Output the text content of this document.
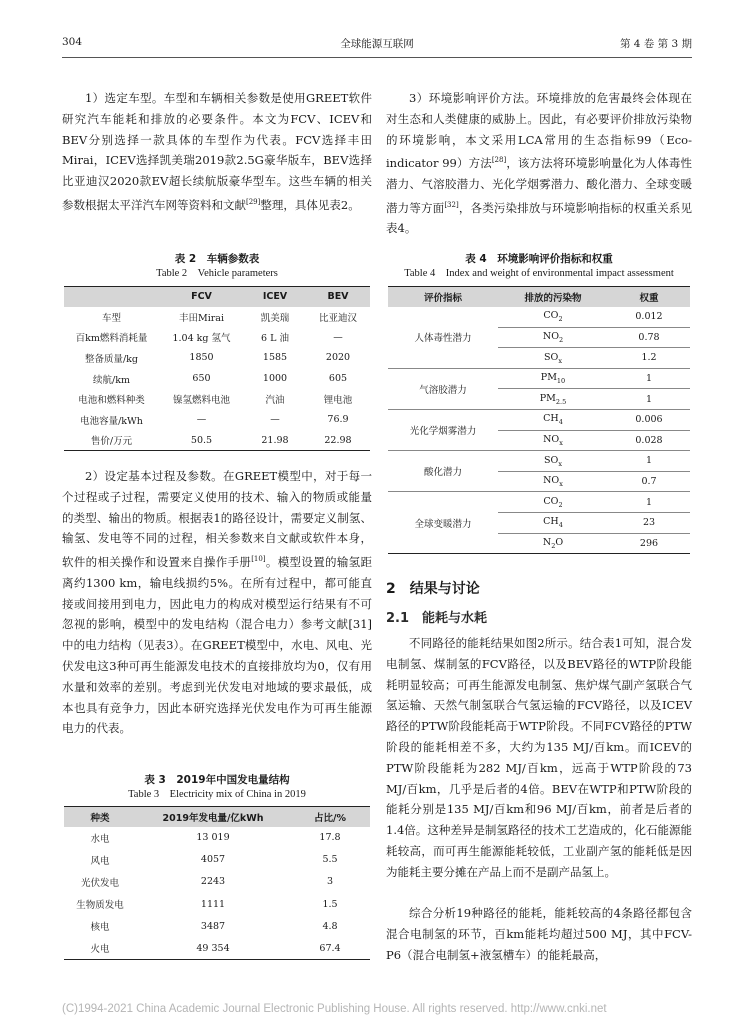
304	全球能源互联网	第 4 卷 第 3 期
1）选定车型。车型和车辆相关参数是使用GREET软件研究汽车能耗和排放的必要条件。本文为FCV、ICEV和BEV分别选择一款具体的车型作为代表。FCV选择丰田Mirai，ICEV选择凯美瑞2019款2.5G豪华版车，BEV选择比亚迪汉2020款EV超长续航版豪华型车。这些车辆的相关参数根据太平洋汽车网等资料和文献[29]整理，具体见表2。
表 2　车辆参数表
Table 2　Vehicle parameters
	FCV	ICEV	BEV
车型	丰田Mirai	凯美瑞	比亚迪汉
百km燃料消耗量	1.04 kg 氢气	6 L 油	—
整备质量/kg	1850	1585	2020
续航/km	650	1000	605
电池和燃料种类	镍氢燃料电池	汽油	锂电池
电池容量/kWh	—	—	76.9
售价/万元	50.5	21.98	22.98
2）设定基本过程及参数。在GREET模型中，对于每一个过程或子过程，需要定义使用的技术、输入的物质或能量的类型、输出的物质。根据表1的路径设计，需要定义制氢、输氢、发电等不同的过程，相关参数来自文献或软件本身，软件的相关操作和设置来自操作手册[10]。模型设置的输氢距离约1300 km，输电线损约5%。在所有过程中，都可能直接或间接用到电力，因此电力的构成对模型运行结果有不可忽视的影响，模型中的发电结构（混合电力）参考文献[31]中的电力结构（见表3）。在GREET模型中，水电、风电、光伏发电这3种可再生能源发电技术的直接排放均为0，仅有用水量和效率的差别。考虑到光伏发电对地域的要求最低，成本也具有竞争力，因此本研究选择光伏发电作为可再生能源电力的代表。
表 3　2019年中国发电量结构
Table 3　Electricity mix of China in 2019
种类	2019年发电量/亿kWh	占比/%
水电	13 019	17.8
风电	4057	5.5
光伏发电	2243	3
生物质发电	1111	1.5
核电	3487	4.8
火电	49 354	67.4
3）环境影响评价方法。环境排放的危害最终会体现在对生态和人类健康的威胁上。因此，有必要评价排放污染物的环境影响，本文采用LCA常用的生态指标99（Eco-indicator 99）方法[28]，该方法将环境影响量化为人体毒性潜力、气溶胶潜力、光化学烟雾潜力、酸化潜力、全球变暖潜力等方面[32]，各类污染排放与环境影响指标的权重关系见表4。
表 4　环境影响评价指标和权重
Table 4　Index and weight of environmental impact assessment
评价指标	排放的污染物	权重
人体毒性潜力	$CO_2$	0.012
	$NO_2$	0.78
	$SO_x$	1.2
气溶胶潜力	$PM_{10}$	1
	$PM_{2.5}$	1
光化学烟雾潜力	$CH_4$	0.006
	$NO_x$	0.028
酸化潜力	$SO_x$	1
	$NO_x$	0.7
全球变暖潜力	$CO_2$	1
	$CH_4$	23
	$N_2O$	296
2　结果与讨论
2.1　能耗与水耗
不同路径的能耗结果如图2所示。结合表1可知，混合发电制氢、煤制氢的FCV路径，以及BEV路径的WTP阶段能耗明显较高；可再生能源发电制氢、焦炉煤气副产氢联合气氢运输、天然气制氢联合气氢运输的FCV路径，以及ICEV路径的PTW阶段能耗高于WTP阶段。不同FCV路径的PTW阶段的能耗相差不多，大约为135 MJ/百km。而ICEV的PTW阶段能耗为282 MJ/百km，远高于WTP阶段的73 MJ/百km，几乎是后者的4倍。BEV在WTP和PTW阶段的能耗分别是135 MJ/百km和96 MJ/百km，前者是后者的1.4倍。这种差异是制氢路径的技术工艺造成的，化石能源能耗较高，而可再生能源能耗较低，工业副产氢的能耗低是因为能耗主要分摊在产品上而不是副产品氢上。
综合分析19种路径的能耗，能耗较高的4条路径都包含混合电制氢的环节，百km能耗均超过500 MJ，其中FCV-P6（混合电制氢+液氢槽车）的能耗最高，
(C)1994-2021 China Academic Journal Electronic Publishing House. All rights reserved. http://www.cnki.net
